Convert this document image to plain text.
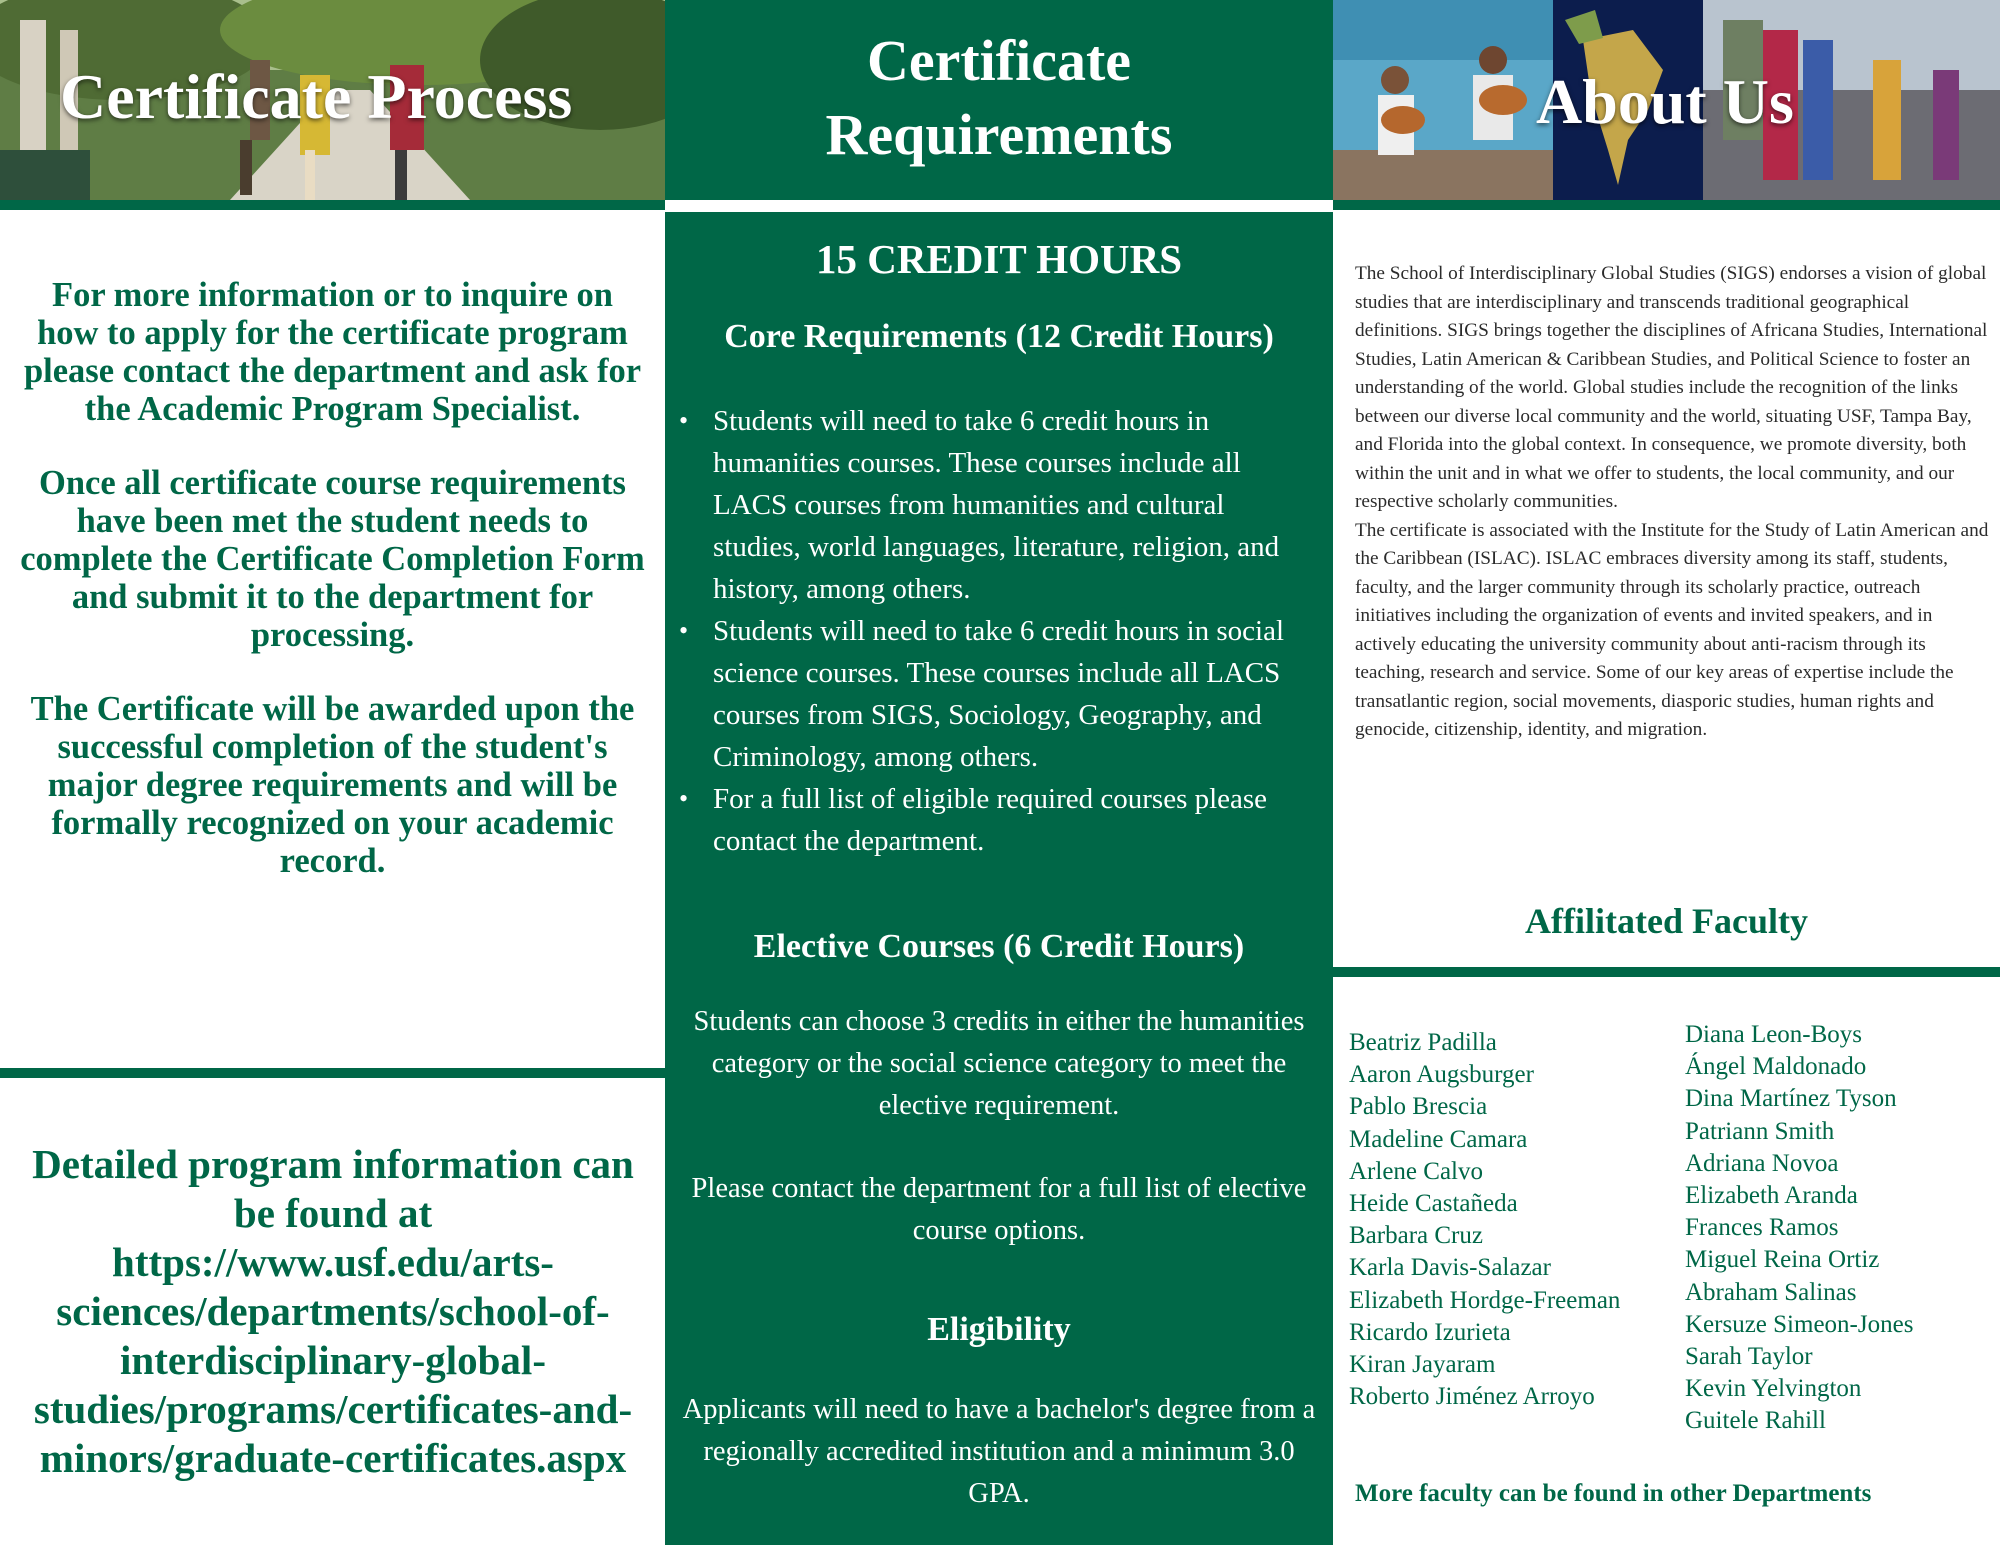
Certificate Process

For more information or to inquire on how to apply for the certificate program please contact the department and ask for the Academic Program Specialist.

Once all certificate course requirements have been met the student needs to complete the Certificate Completion Form and submit it to the department for processing.

The Certificate will be awarded upon the successful completion of the student's major degree requirements and will be formally recognized on your academic record.

Detailed program information can
be found at
https://www.usf.edu/arts-
sciences/departments/school-of-
interdisciplinary-global-
studies/programs/certificates-and-
minors/graduate-certificates.aspx
Certificate
Requirements
15 CREDIT HOURS
Core Requirements (12 Credit Hours)
• Students will need to take 6 credit hours in humanities courses. These courses include all LACS courses from humanities and cultural studies, world languages, literature, religion, and history, among others.
• Students will need to take 6 credit hours in social science courses. These courses include all LACS courses from SIGS, Sociology, Geography, and Criminology, among others.
• For a full list of eligible required courses please contact the department.
Elective Courses (6 Credit Hours)
Students can choose 3 credits in either the humanities category or the social science category to meet the elective requirement.
Please contact the department for a full list of elective course options.
Eligibility
Applicants will need to have a bachelor's degree from a regionally accredited institution and a minimum 3.0 GPA.
About Us

The School of Interdisciplinary Global Studies (SIGS) endorses a vision of global studies that are interdisciplinary and transcends traditional geographical definitions. SIGS brings together the disciplines of Africana Studies, International Studies, Latin American & Caribbean Studies, and Political Science to foster an understanding of the world. Global studies include the recognition of the links between our diverse local community and the world, situating USF, Tampa Bay, and Florida into the global context. In consequence, we promote diversity, both within the unit and in what we offer to students, the local community, and our respective scholarly communities.

The certificate is associated with the Institute for the Study of Latin American and the Caribbean (ISLAC). ISLAC embraces diversity among its staff, students, faculty, and the larger community through its scholarly practice, outreach initiatives including the organization of events and invited speakers, and in actively educating the university community about anti-racism through its teaching, research and service. Some of our key areas of expertise include the transatlantic region, social movements, diasporic studies, human rights and genocide, citizenship, identity, and migration.

Affilitated Faculty
Beatriz Padilla
Aaron Augsburger
Pablo Brescia
Madeline Camara
Arlene Calvo
Heide Castañeda
Barbara Cruz
Karla Davis-Salazar
Elizabeth Hordge-Freeman
Ricardo Izurieta
Kiran Jayaram
Roberto Jiménez Arroyo
Diana Leon-Boys
Ángel Maldonado
Dina Martínez Tyson
Patriann Smith
Adriana Novoa
Elizabeth Aranda
Frances Ramos
Miguel Reina Ortiz
Abraham Salinas
Kersuze Simeon-Jones
Sarah Taylor
Kevin Yelvington
Guitele Rahill
More faculty can be found in other Departments
